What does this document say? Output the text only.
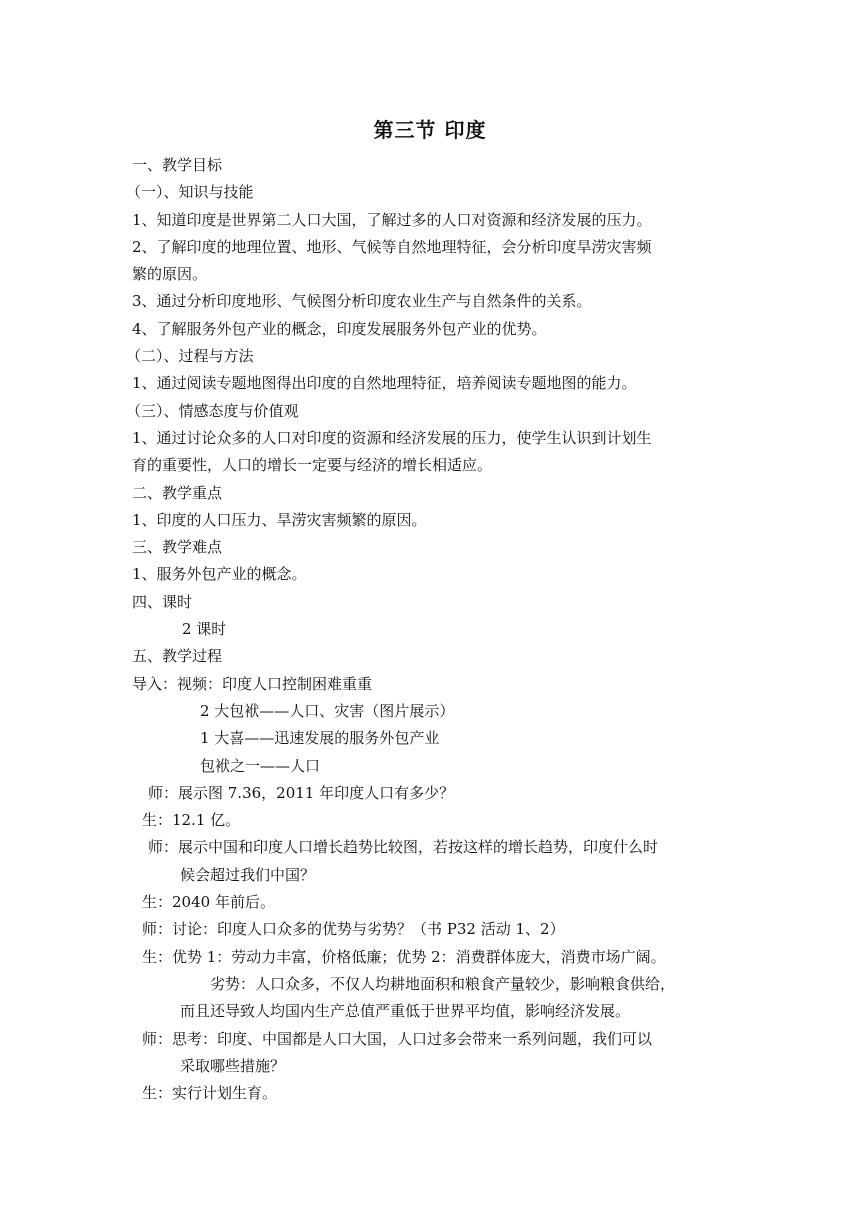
第三节 印度

一、教学目标

（一）、知识与技能

1、知道印度是世界第二人口大国，了解过多的人口对资源和经济发展的压力。

2、了解印度的地理位置、地形、气候等自然地理特征，会分析印度旱涝灾害频

繁的原因。

3、通过分析印度地形、气候图分析印度农业生产与自然条件的关系。

4、了解服务外包产业的概念，印度发展服务外包产业的优势。

（二）、过程与方法

1、通过阅读专题地图得出印度的自然地理特征，培养阅读专题地图的能力。

（三）、情感态度与价值观

1、通过讨论众多的人口对印度的资源和经济发展的压力，使学生认识到计划生

育的重要性，人口的增长一定要与经济的增长相适应。

二、教学重点

1、印度的人口压力、旱涝灾害频繁的原因。

三、教学难点

1、服务外包产业的概念。

四、课时

2 课时

五、教学过程

导入：视频：印度人口控制困难重重

2 大包袱——人口、灾害（图片展示）

1 大喜——迅速发展的服务外包产业

包袱之一——人口

师：展示图 7.36，2011 年印度人口有多少？

生：12.1 亿。

师：展示中国和印度人口增长趋势比较图，若按这样的增长趋势，印度什么时

候会超过我们中国？

生：2040 年前后。

师：讨论：印度人口众多的优势与劣势？（书 P32 活动 1、2）

生：优势 1：劳动力丰富，价格低廉；优势 2：消费群体庞大，消费市场广阔。

劣势：人口众多，不仅人均耕地面积和粮食产量较少，影响粮食供给，

而且还导致人均国内生产总值严重低于世界平均值，影响经济发展。

师：思考：印度、中国都是人口大国，人口过多会带来一系列问题，我们可以

采取哪些措施？

生：实行计划生育。
